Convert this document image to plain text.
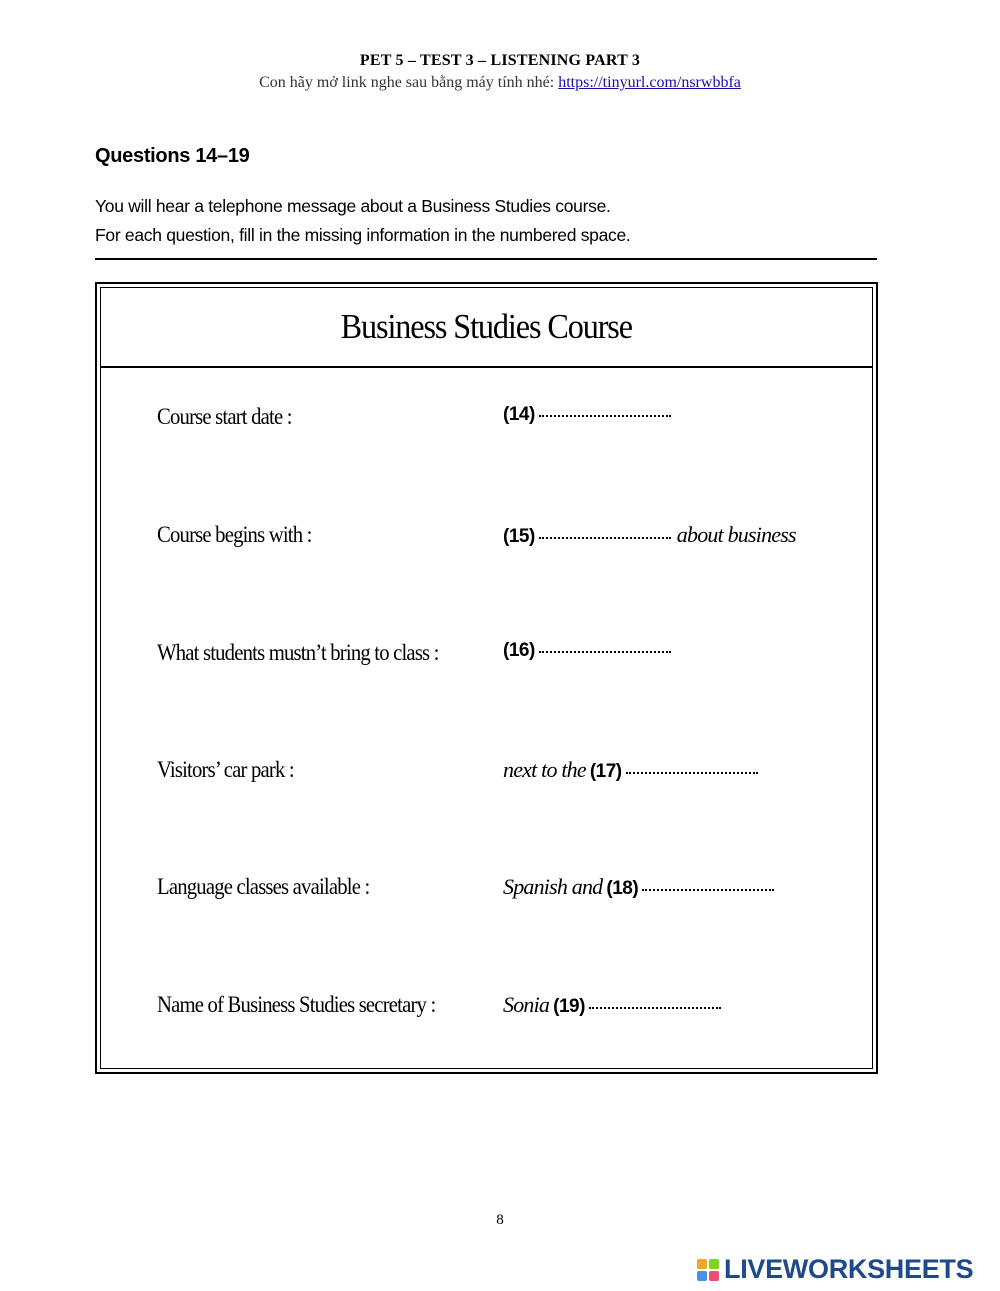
PET 5 – TEST 3 – LISTENING PART 3
Con hãy mở link nghe sau bằng máy tính nhé: https://tinyurl.com/nsrwbbfa
Questions 14–19
You will hear a telephone message about a Business Studies course.
For each question, fill in the missing information in the numbered space.
Business Studies Course
Course start date :	(14)
Course begins with :	(15)	about business
What students mustn’t bring to class :	(16)
Visitors’ car park :	next to the (17)
Language classes available :	Spanish and (18)
Name of Business Studies secretary :	Sonia (19)
8
LIVEWORKSHEETS
